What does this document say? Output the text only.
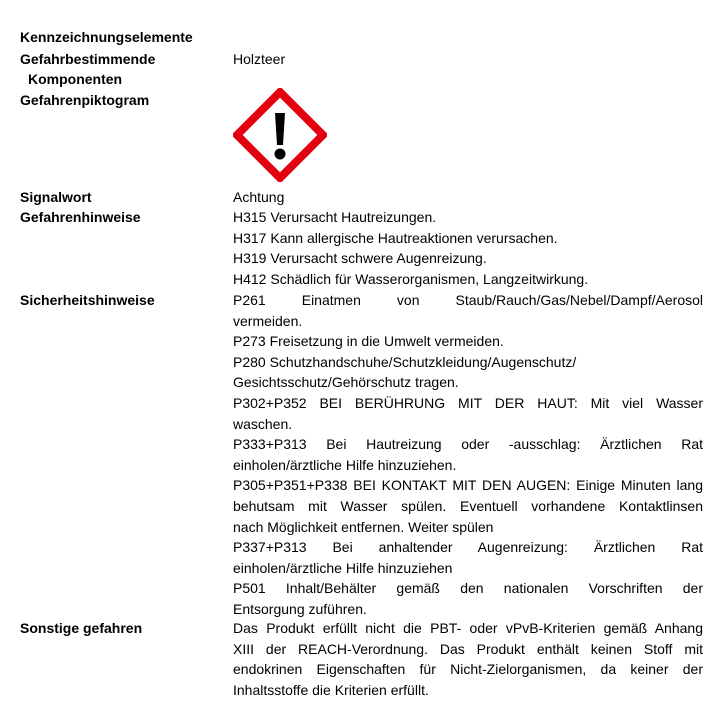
Kennzeichnungselemente
Gefahrbestimmende
Komponenten
Gefahrenpiktogram
Signalwort
Gefahrenhinweise
Sicherheitshinweise
Sonstige gefahren
Holzteer
Achtung
H315 Verursacht Hautreizungen.
H317 Kann allergische Hautreaktionen verursachen.
H319 Verursacht schwere Augenreizung.
H412 Schädlich für Wasserorganismen, Langzeitwirkung.
P261 Einatmen von Staub/Rauch/Gas/Nebel/Dampf/Aerosol
vermeiden.
P273 Freisetzung in die Umwelt vermeiden.
P280 Schutzhandschuhe/Schutzkleidung/Augenschutz/
Gesichtsschutz/Gehörschutz tragen.
P302+P352 BEI BERÜHRUNG MIT DER HAUT: Mit viel Wasser
waschen.
P333+P313 Bei Hautreizung oder -ausschlag: Ärztlichen Rat
einholen/ärztliche Hilfe hinzuziehen.
P305+P351+P338 BEI KONTAKT MIT DEN AUGEN: Einige Minuten lang
behutsam mit Wasser spülen. Eventuell vorhandene Kontaktlinsen
nach Möglichkeit entfernen. Weiter spülen
P337+P313 Bei anhaltender Augenreizung: Ärztlichen Rat
einholen/ärztliche Hilfe hinzuziehen
P501 Inhalt/Behälter gemäß den nationalen Vorschriften der
Entsorgung zuführen.
Das Produkt erfüllt nicht die PBT- oder vPvB-Kriterien gemäß Anhang
XIII der REACH-Verordnung. Das Produkt enthält keinen Stoff mit
endokrinen Eigenschaften für Nicht-Zielorganismen, da keiner der
Inhaltsstoffe die Kriterien erfüllt.
